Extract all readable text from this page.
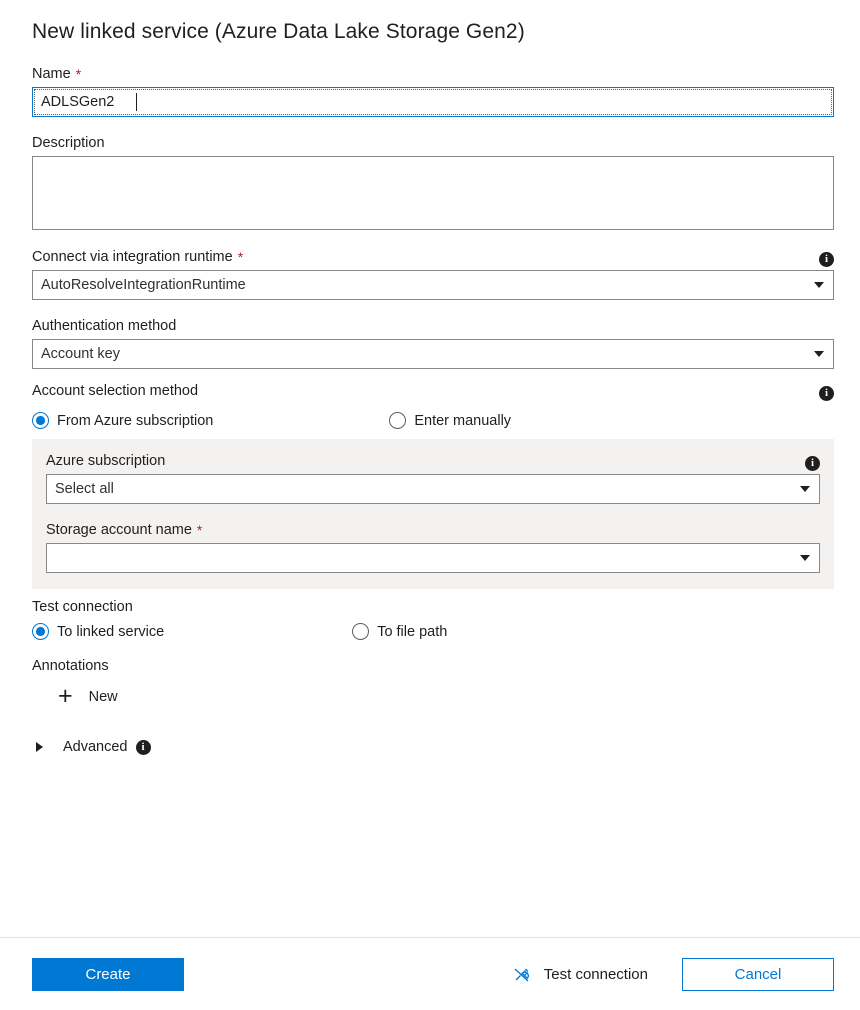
New linked service (Azure Data Lake Storage Gen2)
Name *
ADLSGen2
Description
Connect via integration runtime *	i
AutoResolveIntegrationRuntime
Authentication method
Account key
Account selection method	i
From Azure subscription	Enter manually
Azure subscription	i
Select all
Storage account name *
Test connection
To linked service	To file path
Annotations
+ New
Advanced	i
Create	Test connection	Cancel
